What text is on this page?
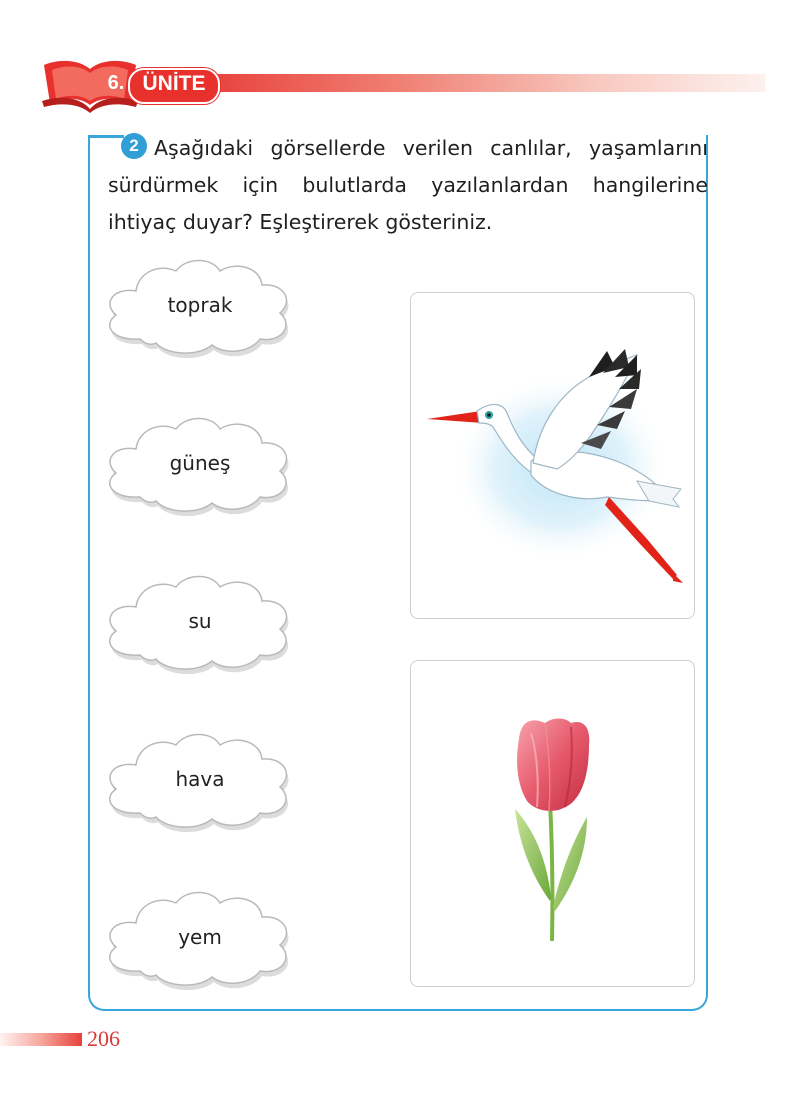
6. ÜNİTE

Aşağıdaki görsellerde verilen canlılar, yaşamlarını sürdürmek için bulutlarda yazılanlardan hangilerine ihtiyaç duyar? Eşleştirerek gösteriniz.

2
toprak
güneş
su
hava
yem
206
